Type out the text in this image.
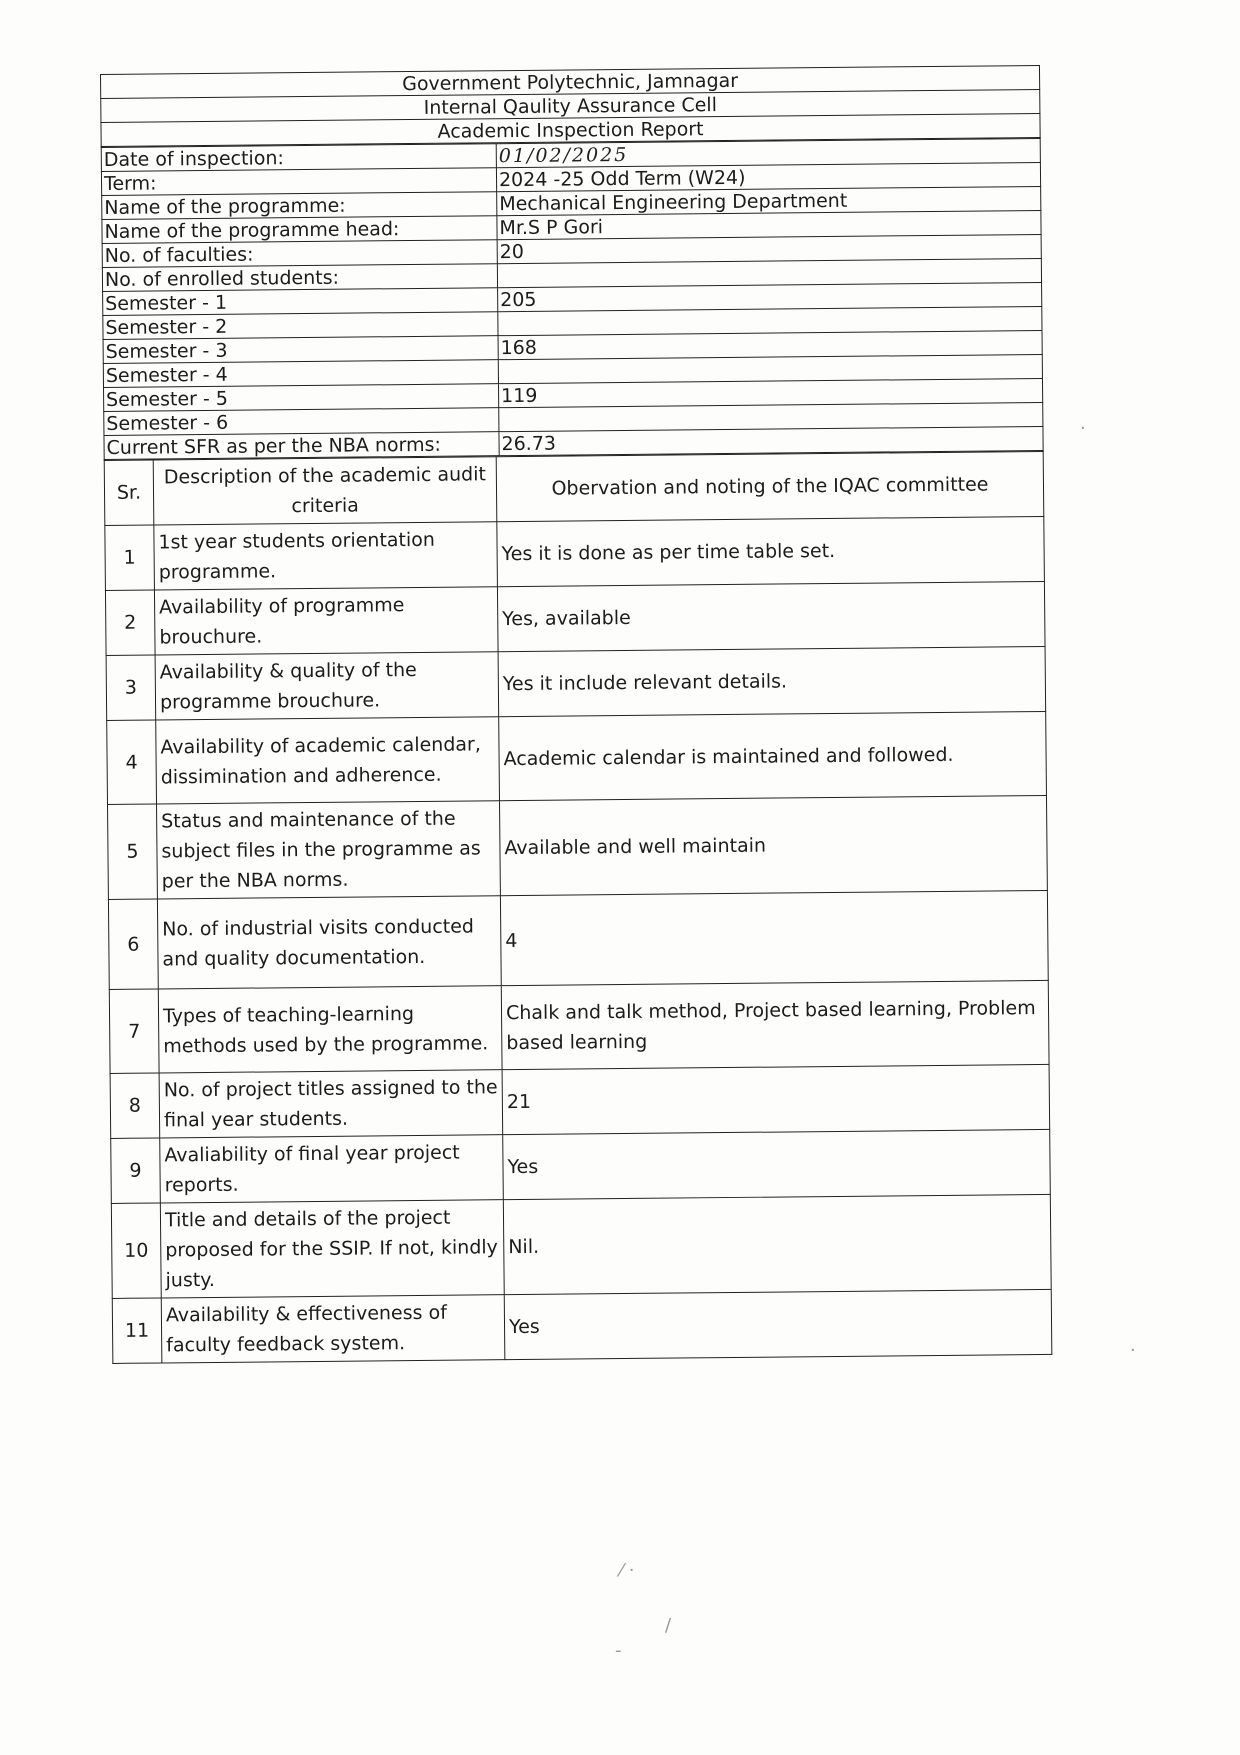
Government Polytechnic, Jamnagar
Internal Qaulity Assurance Cell
Academic Inspection Report
Date of inspection:	01/02/2025
Term:	2024 -25 Odd Term (W24)
Name of the programme:	Mechanical Engineering Department
Name of the programme head:	Mr.S P Gori
No. of faculties:	20
No. of enrolled students:	
Semester - 1	205
Semester - 2	
Semester - 3	168
Semester - 4	
Semester - 5	119
Semester - 6	
Current SFR as per the NBA norms:	26.73
Sr.	Description of the academic audit criteria	Obervation and noting of the IQAC committee
1	1st year students orientation programme.	Yes it is done as per time table set.
2	Availability of programme brouchure.	Yes, available
3	Availability & quality of the programme brouchure.	Yes it include relevant details.
4	Availability of academic calendar, dissimination and adherence.	Academic calendar is maintained and followed.
5	Status and maintenance of the subject files in the programme as per the NBA norms.	Available and well maintain
6	No. of industrial visits conducted and quality documentation.	4
7	Types of teaching-learning methods used by the programme.	Chalk and talk method, Project based learning, Problem based learning
8	No. of project titles assigned to the final year students.	21
9	Avaliability of final year project reports.	Yes
10	Title and details of the project proposed for the SSIP. If not, kindly justy.	Nil.
11	Availability & effectiveness of faculty feedback system.	Yes
·
·
⁄ ·
/
-
